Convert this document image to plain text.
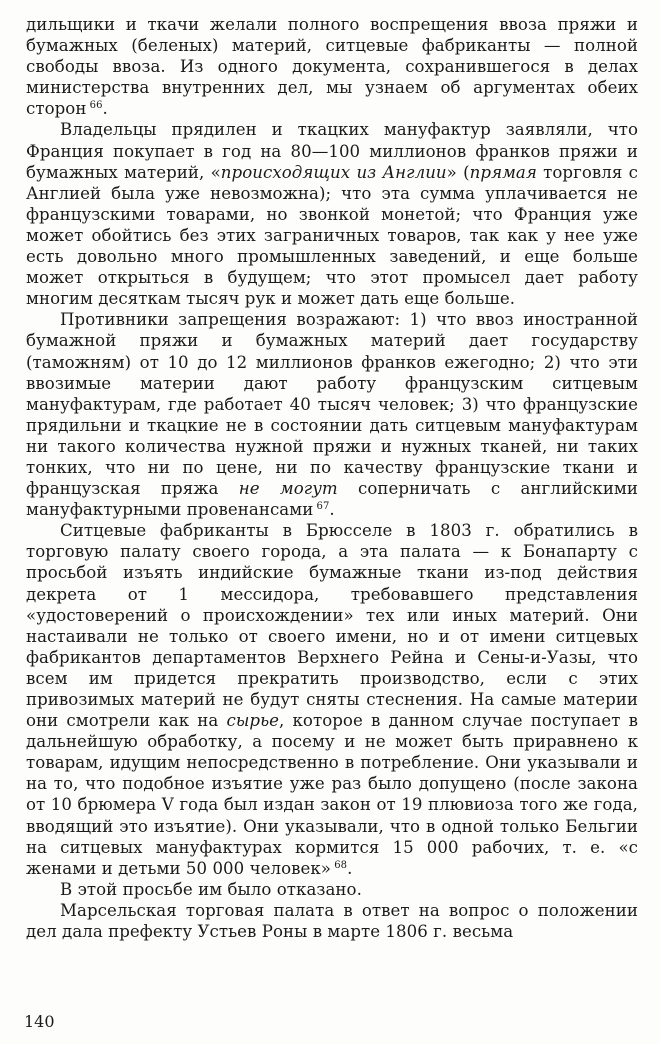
дильщики и ткачи желали полного воспрещения ввоза пряжи и бумажных (беленых) материй, ситцевые фабриканты — полной свободы ввоза. Из одного документа, сохранившегося в делах министерства внутренних дел, мы узнаем об аргументах обеих сторон $^{66}$.

Владельцы прядилен и ткацких мануфактур заявляли, что Франция покупает в год на 80—100 миллионов франков пряжи и бумажных материй, «происходящих из Англии» (прямая торговля с Англией была уже невозможна); что эта сумма уплачивается не французскими товарами, но звонкой монетой; что Франция уже может обойтись без этих заграничных товаров, так как у нее уже есть довольно много промышленных заведений, и еще больше может открыться в будущем; что этот промысел дает работу многим десяткам тысяч рук и может дать еще больше.

Противники запрещения возражают: 1) что ввоз иностранной бумажной пряжи и бумажных материй дает государству (таможням) от 10 до 12 миллионов франков ежегодно; 2) что эти ввозимые материи дают работу французским ситцевым мануфактурам, где работает 40 тысяч человек; 3) что французские прядильни и ткацкие не в состоянии дать ситцевым мануфактурам ни такого количества нужной пряжи и нужных тканей, ни таких тонких, что ни по цене, ни по качеству французские ткани и французская пряжа не могут соперничать с английскими мануфактурными провенансами $^{67}$.

Ситцевые фабриканты в Брюсселе в 1803 г. обратились в торговую палату своего города, а эта палата — к Бонапарту с просьбой изъять индийские бумажные ткани из-под действия декрета от 1 мессидора, требовавшего представления «удостоверений о происхождении» тех или иных материй. Они настаивали не только от своего имени, но и от имени ситцевых фабрикантов департаментов Верхнего Рейна и Сены-и-Уазы, что всем им придется прекратить производство, если с этих привозимых материй не будут сняты стеснения. На самые материи они смотрели как на сырье, которое в данном случае поступает в дальнейшую обработку, а посему и не может быть приравнено к товарам, идущим непосредственно в потребление. Они указывали и на то, что подобное изъятие уже раз было допущено (после закона от 10 брюмера V года был издан закон от 19 плювиоза того же года, вводящий это изъятие). Они указывали, что в одной только Бельгии на ситцевых мануфактурах кормится 15 000 рабочих, т. е. «с женами и детьми 50 000 человек» $^{68}$.

В этой просьбе им было отказано.

Марсельская торговая палата в ответ на вопрос о положении дел дала префекту Устьев Роны в марте 1806 г. весьма

140
